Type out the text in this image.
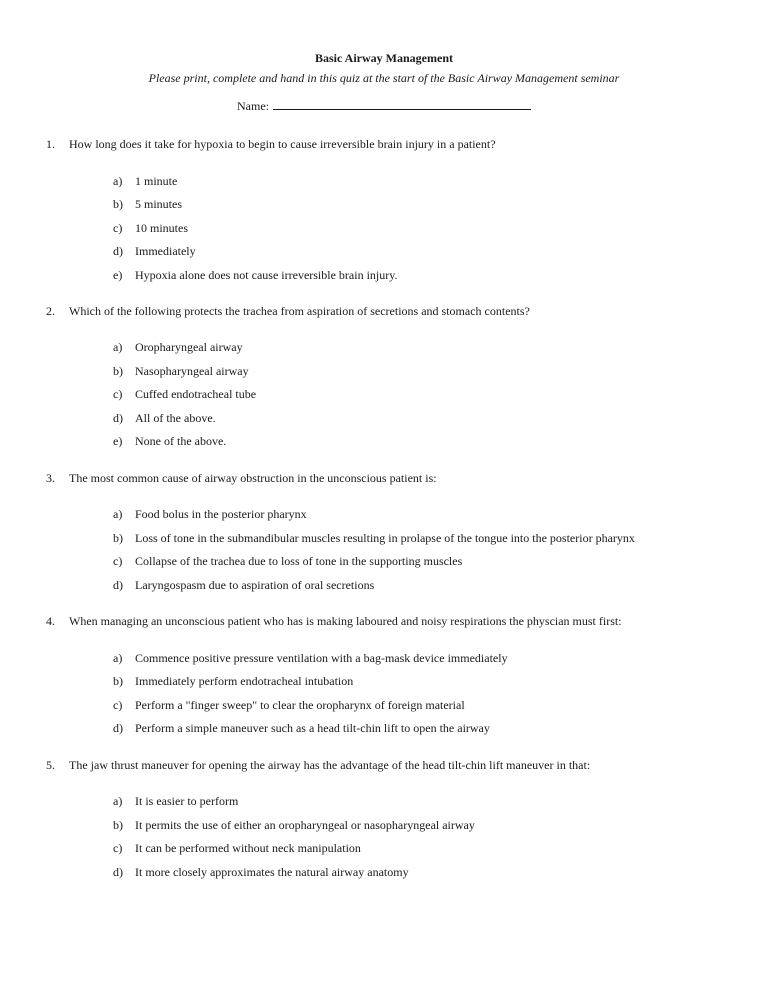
Basic Airway Management
Please print, complete and hand in this quiz at the start of the Basic Airway Management seminar
Name:
1. How long does it take for hypoxia to begin to cause irreversible brain injury in a patient?
a) 1 minute
b) 5 minutes
c) 10 minutes
d) Immediately
e) Hypoxia alone does not cause irreversible brain injury.
2. Which of the following protects the trachea from aspiration of secretions and stomach contents?
a) Oropharyngeal airway
b) Nasopharyngeal airway
c) Cuffed endotracheal tube
d) All of the above.
e) None of the above.
3. The most common cause of airway obstruction in the unconscious patient is:
a) Food bolus in the posterior pharynx
b) Loss of tone in the submandibular muscles resulting in prolapse of the tongue into the posterior pharynx
c) Collapse of the trachea due to loss of tone in the supporting muscles
d) Laryngospasm due to aspiration of oral secretions
4. When managing an unconscious patient who has is making laboured and noisy respirations the physcian must first:
a) Commence positive pressure ventilation with a bag-mask device immediately
b) Immediately perform endotracheal intubation
c) Perform a "finger sweep" to clear the oropharynx of foreign material
d) Perform a simple maneuver such as a head tilt-chin lift to open the airway
5. The jaw thrust maneuver for opening the airway has the advantage of the head tilt-chin lift maneuver in that:
a) It is easier to perform
b) It permits the use of either an oropharyngeal or nasopharyngeal airway
c) It can be performed without neck manipulation
d) It more closely approximates the natural airway anatomy
